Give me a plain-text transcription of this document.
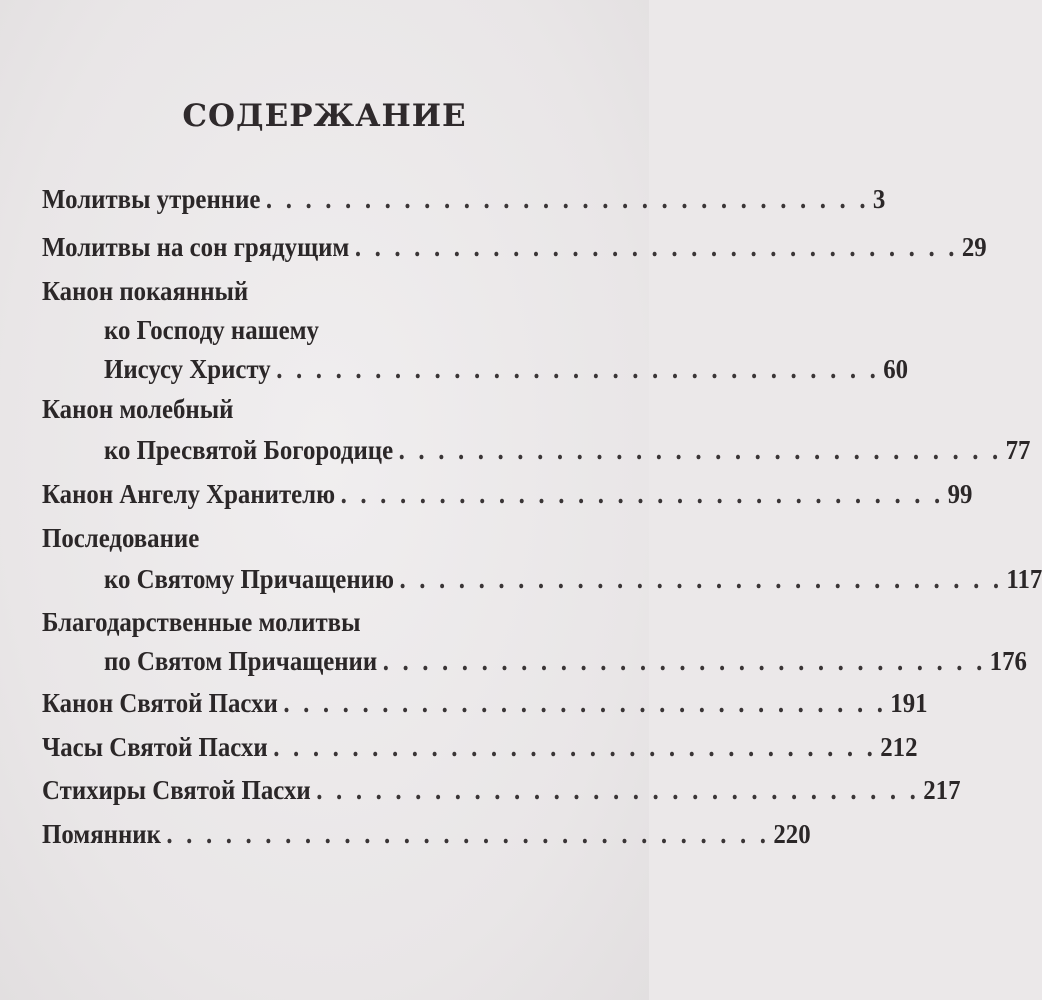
СОДЕРЖАНИЕ
Молитвы утренние . . . . . . . . . . . . . . . . . . . . . . . . . . . . . . . 3
Молитвы на сон грядущим . . . . . . . . . . . . . . . . . . . . . . . . . . . . . . . 29
Канон покаянный
ко Господу нашему
Иисусу Христу . . . . . . . . . . . . . . . . . . . . . . . . . . . . . . . 60
Канон молебный
ко Пресвятой Богородице . . . . . . . . . . . . . . . . . . . . . . . . . . . . . . . 77
Канон Ангелу Хранителю . . . . . . . . . . . . . . . . . . . . . . . . . . . . . . . 99
Последование
ко Святому Причащению . . . . . . . . . . . . . . . . . . . . . . . . . . . . . . . 117
Благодарственные молитвы
по Святом Причащении . . . . . . . . . . . . . . . . . . . . . . . . . . . . . . . 176
Канон Святой Пасхи . . . . . . . . . . . . . . . . . . . . . . . . . . . . . . . 191
Часы Святой Пасхи . . . . . . . . . . . . . . . . . . . . . . . . . . . . . . . 212
Стихиры Святой Пасхи . . . . . . . . . . . . . . . . . . . . . . . . . . . . . . . 217
Помянник . . . . . . . . . . . . . . . . . . . . . . . . . . . . . . . 220
